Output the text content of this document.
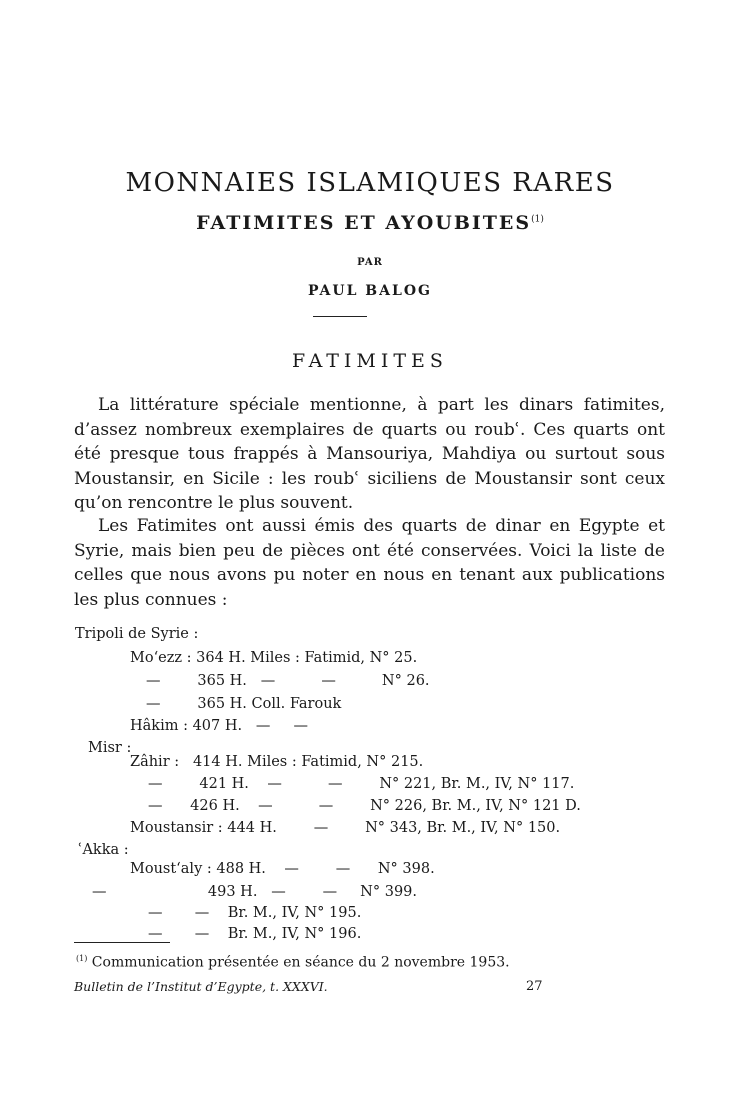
MONNAIES ISLAMIQUES RARES
FATIMITES ET AYOUBITES$^{(1)}$
PAR
PAUL BALOG
FATIMITES

La littérature spéciale mentionne, à part les dinars fatimites, d’assez nombreux exemplaires de quarts ou roubʿ. Ces quarts ont été presque tous frappés à Mansouriya, Mahdiya ou surtout sous Moustansir, en Sicile : les roubʿ siciliens de Moustansir sont ceux qu’on rencontre le plus souvent.

Les Fatimites ont aussi émis des quarts de dinar en Egypte et Syrie, mais bien peu de pièces ont été conservées. Voici la liste de celles que nous avons pu noter en nous en tenant aux publications les plus connues :

Tripoli de Syrie :
Mo‘ezz : 364 H. Miles : Fatimid, N° 25.
—        365 H.   —          —          N° 26.
—        365 H. Coll. Farouk
Hâkim : 407 H.   —     —
Misr :
Zâhir :   414 H. Miles : Fatimid, N° 215.
—        421 H.    —          —        N° 221, Br. M., IV, N° 117.
—      426 H.    —          —        N° 226, Br. M., IV, N° 121 D.
Moustansir : 444 H.        —        N° 343, Br. M., IV, N° 150.
ʿAkka :
Moust‘aly : 488 H.    —        —      N° 398.
—                      493 H.   —        —     N° 399.
—       —    Br. M., IV, N° 195.
—       —    Br. M., IV, N° 196.
$^{(1)}$ Communication présentée en séance du 2 novembre 1953.
Bulletin de l’Institut d’Egypte, t. XXXVI.	27
